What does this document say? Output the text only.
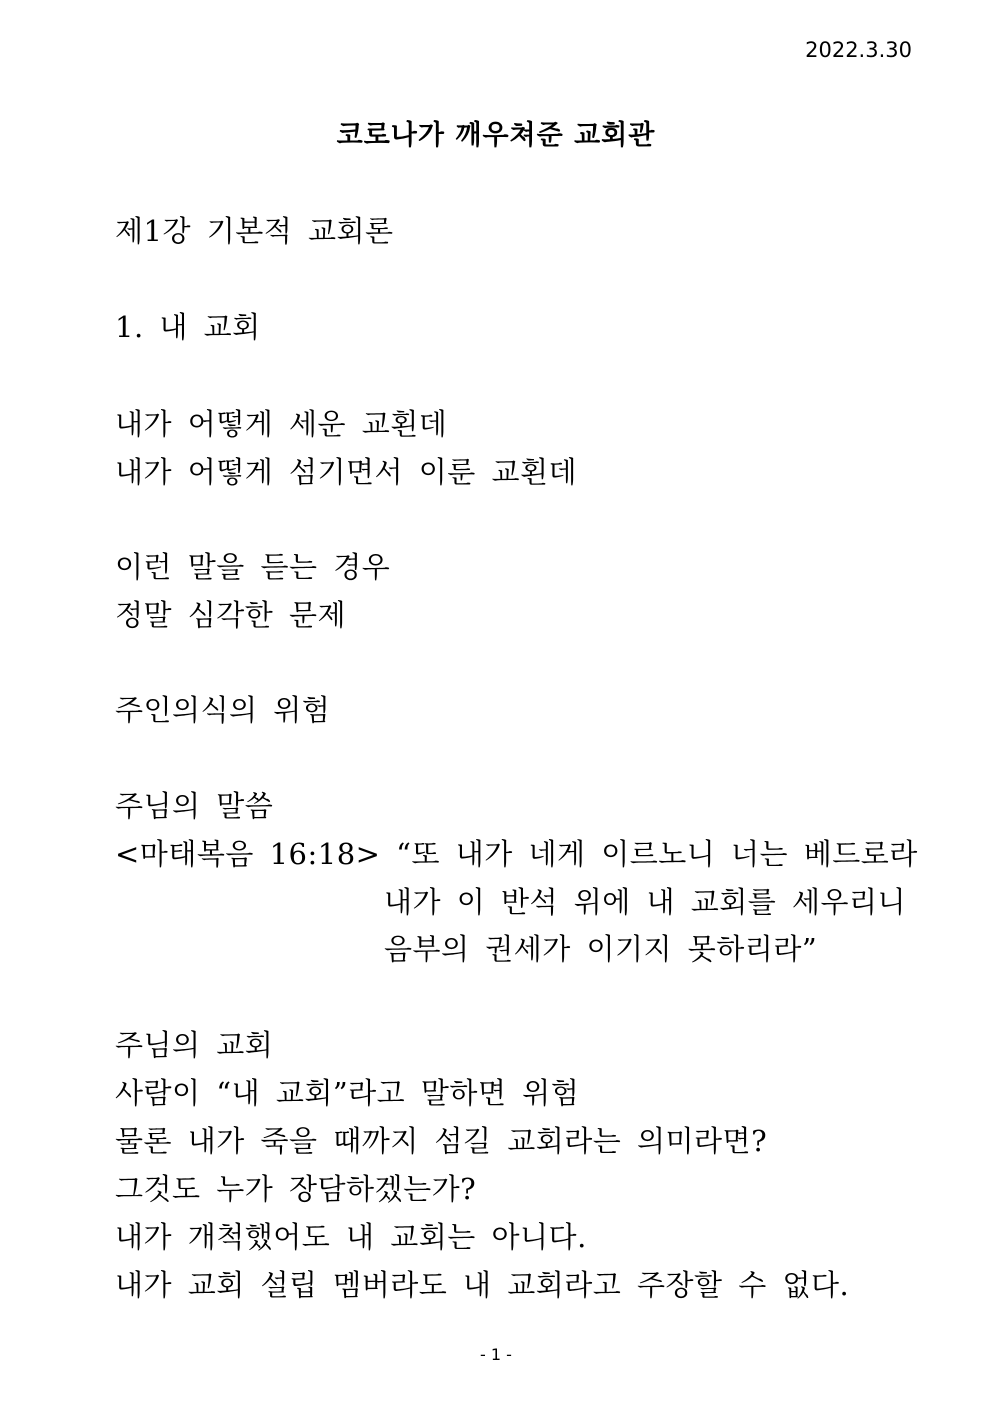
2022.3.30
코로나가 깨우쳐준 교회관
제1강 기본적 교회론
1. 내 교회
내가 어떻게 세운 교횐데
내가 어떻게 섬기면서 이룬 교횐데
이런 말을 듣는 경우
정말 심각한 문제
주인의식의 위험
주님의 말씀
<마태복음 16:18> “또 내가 네게 이르노니 너는 베드로라
내가 이 반석 위에 내 교회를 세우리니
음부의 권세가 이기지 못하리라”
주님의 교회
사람이 “내 교회”라고 말하면 위험
물론 내가 죽을 때까지 섬길 교회라는 의미라면?
그것도 누가 장담하겠는가?
내가 개척했어도 내 교회는 아니다.
내가 교회 설립 멤버라도 내 교회라고 주장할 수 없다.
- 1 -
